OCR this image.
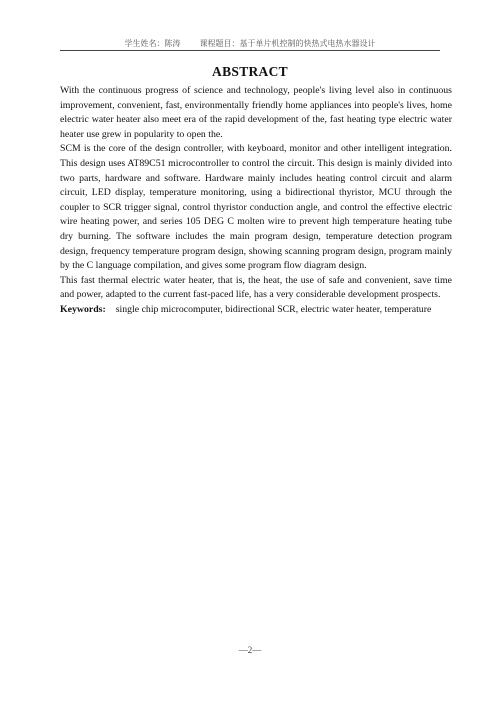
学生姓名：陈涛 课程题目：基于单片机控制的快热式电热水器设计
ABSTRACT

With the continuous progress of science and technology, people's living level also in continuous improvement, convenient, fast, environmentally friendly home appliances into people's lives, home electric water heater also meet era of the rapid development of the, fast heating type electric water heater use grew in popularity to open the.

SCM is the core of the design controller, with keyboard, monitor and other intelligent integration. This design uses AT89C51 microcontroller to control the circuit. This design is mainly divided into two parts, hardware and software. Hardware mainly includes heating control circuit and alarm circuit, LED display, temperature monitoring, using a bidirectional thyristor, MCU through the coupler to SCR trigger signal, control thyristor conduction angle, and control the effective electric wire heating power, and series 105 DEG C molten wire to prevent high temperature heating tube dry burning. The software includes the main program design, temperature detection program design, frequency temperature program design, showing scanning program design, program mainly by the C language compilation, and gives some program flow diagram design.

This fast thermal electric water heater, that is, the heat, the use of safe and convenient, save time and power, adapted to the current fast-paced life, has a very considerable development prospects.

Keywords: single chip microcomputer, bidirectional SCR, electric water heater, temperature
—2—
